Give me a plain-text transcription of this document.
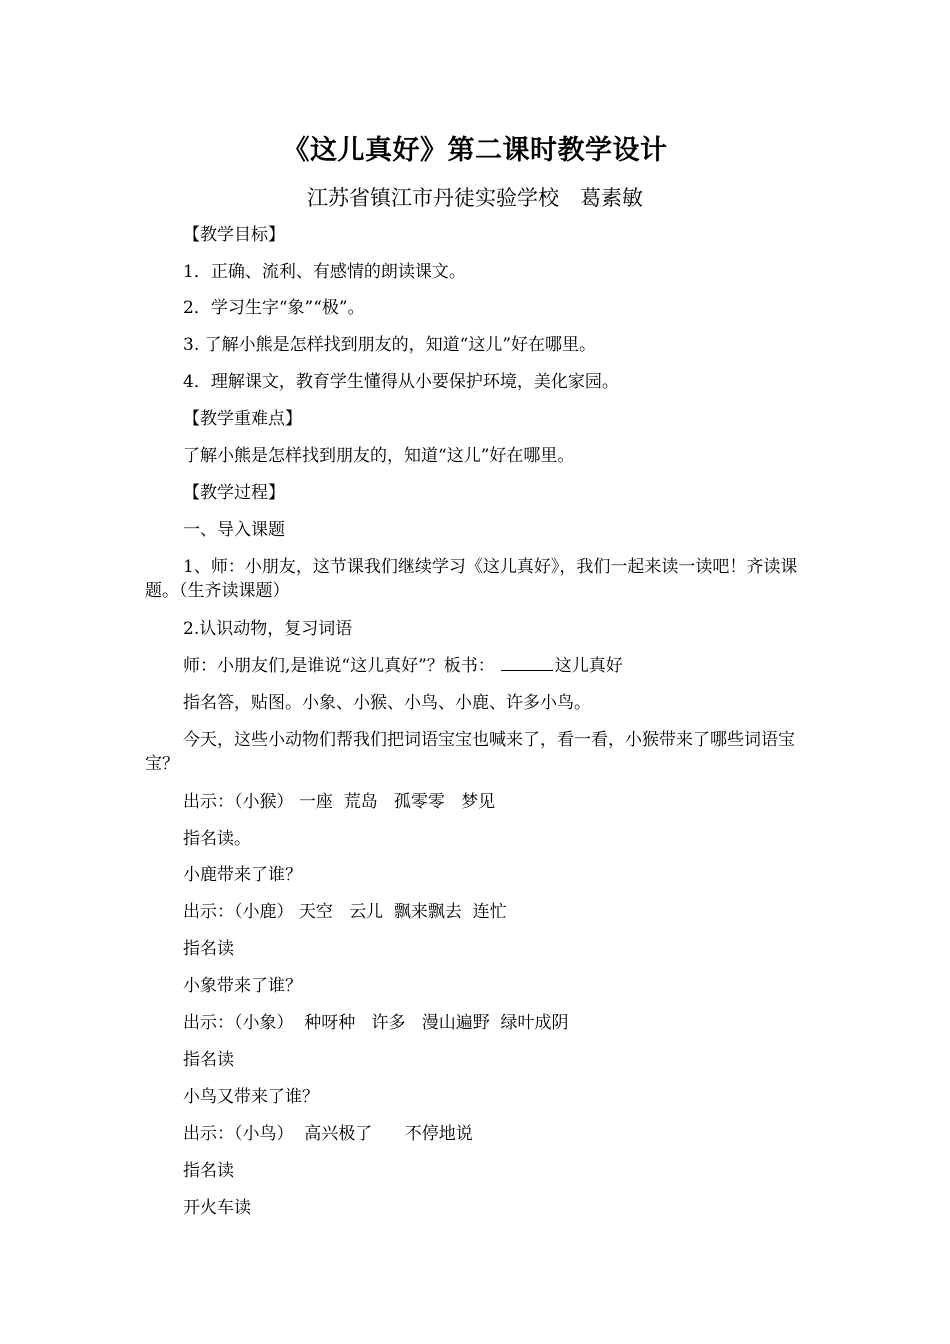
《这儿真好》第二课时教学设计
江苏省镇江市丹徒实验学校　葛素敏
【教学目标】
1．正确、流利、有感情的朗读课文。
2．学习生字“象”“极”。
3. 了解小熊是怎样找到朋友的，知道“这儿”好在哪里。
4．理解课文，教育学生懂得从小要保护环境，美化家园。
【教学重难点】
了解小熊是怎样找到朋友的，知道“这儿”好在哪里。
【教学过程】
一、导入课题
1、师：小朋友，这节课我们继续学习《这儿真好》，我们一起来读一读吧！齐读课题。（生齐读课题）
2.认识动物，复习词语
师：小朋友们,是谁说“这儿真好”？板书：	这儿真好
指名答，贴图。小象、小猴、小鸟、小鹿、许多小鸟。
今天，这些小动物们帮我们把词语宝宝也喊来了，看一看，小猴带来了哪些词语宝宝？
出示：（小猴） 一座  荒岛   孤零零   梦见
指名读。
小鹿带来了谁？
出示：（小鹿） 天空   云儿  飘来飘去  连忙
指名读
小象带来了谁？
出示：（小象）  种呀种   许多   漫山遍野  绿叶成阴
指名读
小鸟又带来了谁？
出示：（小鸟）  高兴极了      不停地说
指名读
开火车读
